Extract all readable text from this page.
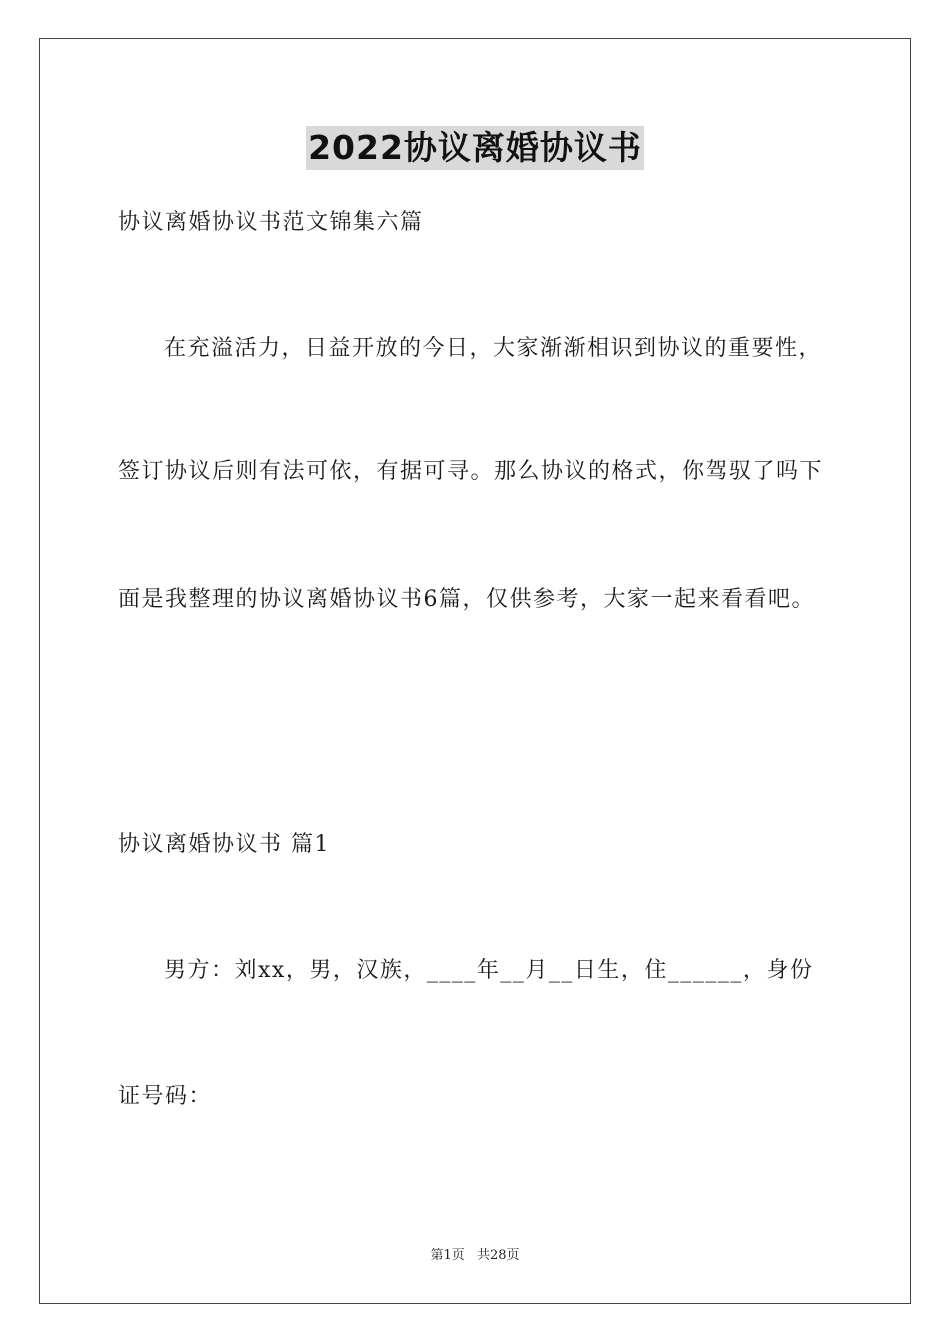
2022协议离婚协议书
协议离婚协议书范文锦集六篇
在充溢活力，日益开放的今日，大家渐渐相识到协议的重要性，
签订协议后则有法可依，有据可寻。那么协议的格式，你驾驭了吗下
面是我整理的协议离婚协议书6篇，仅供参考，大家一起来看看吧。
协议离婚协议书 篇1
男方：刘xx，男，汉族，____年__月__日生，住______，身份
证号码：
第1页 共28页
